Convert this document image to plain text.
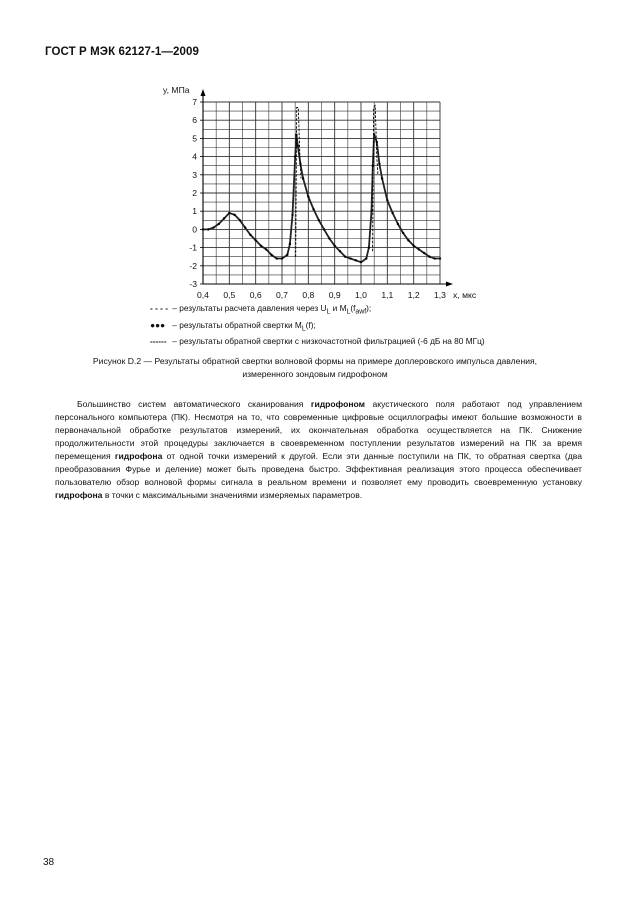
ГОСТ Р МЭК 62127-1—2009
7
6
5
4
3
2
1
0
-1
-2
-3
0,4 0,5 0,6 0,7 0,8 0,9 1,0 1,1 1,2 1,3
y, МПа
x, мкс
- - - - – результаты расчета давления через $U_L$ и $M_L(f_{awf})$;
●●● – результаты обратной свертки $M_L(f)$;
------ – результаты обратной свертки с низкочастотной фильтрацией (-6 дБ на 80 МГц)
Рисунок D.2 — Результаты обратной свертки волновой формы на примере доплеровского импульса давления,
измеренного зондовым гидрофоном
Большинство систем автоматического сканирования гидрофоном акустического поля работают под управлением персонального компьютера (ПК). Несмотря на то, что современные цифровые осциллографы имеют большие возможности в первоначальной обработке результатов измерений, их окончательная обработка осуществляется на ПК. Снижение продолжительности этой процедуры заключается в своевременном поступлении результатов измерений на ПК за время перемещения гидрофона от одной точки измерений к другой. Если эти данные поступили на ПК, то обратная свертка (два преобразования Фурье и деление) может быть проведена быстро. Эффективная реализация этого процесса обеспечивает пользователю обзор волновой формы сигнала в реальном времени и позволяет ему проводить своевременную установку гидрофона в точки с максимальными значениями измеряемых параметров.
38
